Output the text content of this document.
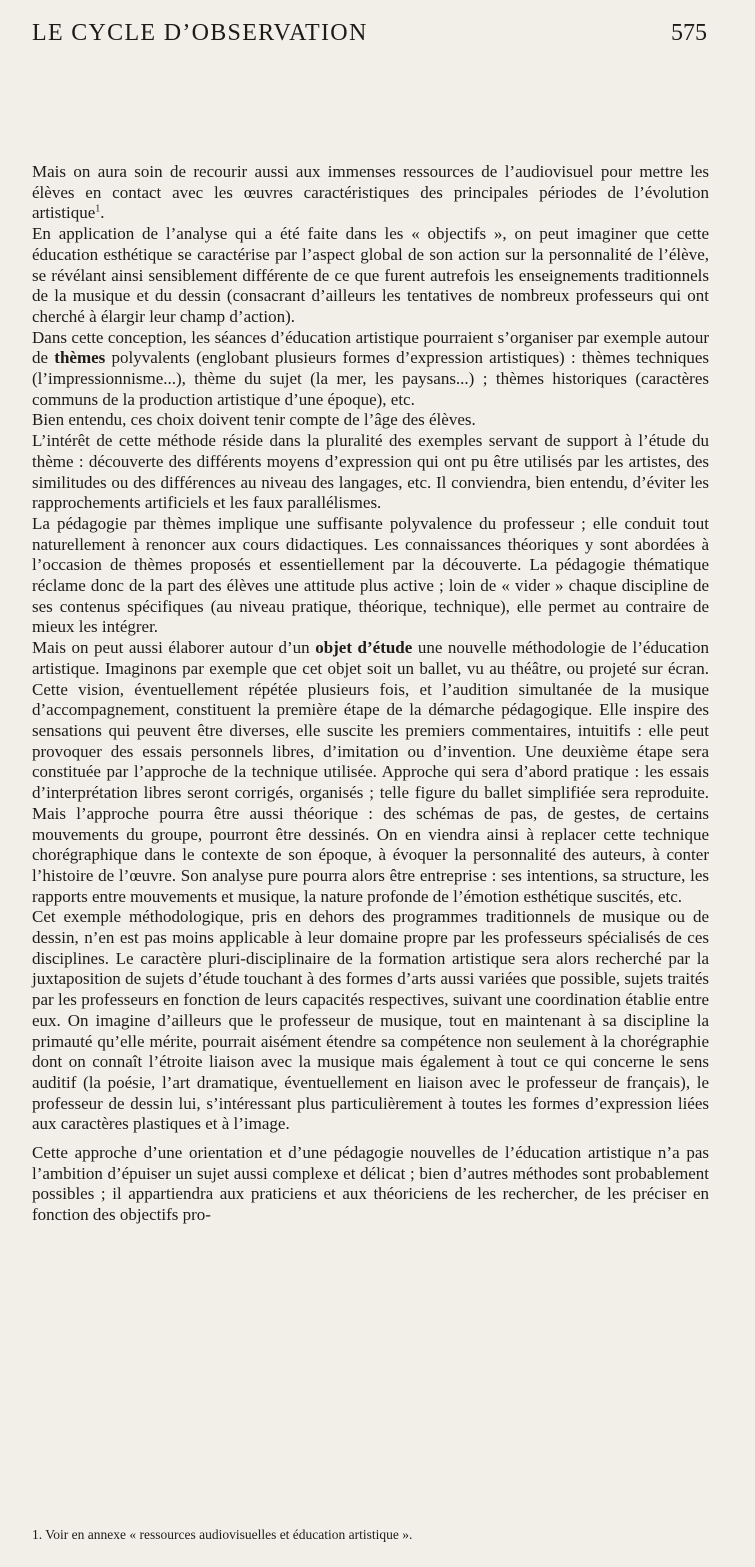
LE CYCLE D’OBSERVATION	575

Mais on aura soin de recourir aussi aux immenses ressources de l’audiovisuel pour mettre les élèves en contact avec les œuvres caractéristiques des principales périodes de l’évolution artistique$^1$.

En application de l’analyse qui a été faite dans les « objectifs », on peut imaginer que cette éducation esthétique se caractérise par l’aspect global de son action sur la personnalité de l’élève, se révélant ainsi sensiblement différente de ce que furent autrefois les enseignements traditionnels de la musique et du dessin (consacrant d’ailleurs les tentatives de nombreux professeurs qui ont cherché à élargir leur champ d’action).

Dans cette conception, les séances d’éducation artistique pourraient s’organiser par exemple autour de thèmes polyvalents (englobant plusieurs formes d’expression artistiques) : thèmes techniques (l’impressionnisme...), thème du sujet (la mer, les paysans...) ; thèmes historiques (caractères communs de la production artistique d’une époque), etc.

Bien entendu, ces choix doivent tenir compte de l’âge des élèves.

L’intérêt de cette méthode réside dans la pluralité des exemples servant de support à l’étude du thème : découverte des différents moyens d’expression qui ont pu être utilisés par les artistes, des similitudes ou des différences au niveau des langages, etc. Il conviendra, bien entendu, d’éviter les rapprochements artificiels et les faux parallélismes.

La pédagogie par thèmes implique une suffisante polyvalence du professeur ; elle conduit tout naturellement à renoncer aux cours didactiques. Les connaissances théoriques y sont abordées à l’occasion de thèmes proposés et essentiellement par la découverte. La pédagogie thématique réclame donc de la part des élèves une attitude plus active ; loin de « vider » chaque discipline de ses contenus spécifiques (au niveau pratique, théorique, technique), elle permet au contraire de mieux les intégrer.

Mais on peut aussi élaborer autour d’un objet d’étude une nouvelle méthodologie de l’éducation artistique. Imaginons par exemple que cet objet soit un ballet, vu au théâtre, ou projeté sur écran. Cette vision, éventuellement répétée plusieurs fois, et l’audition simultanée de la musique d’accompagnement, constituent la première étape de la démarche pédagogique. Elle inspire des sensations qui peuvent être diverses, elle suscite les premiers commentaires, intuitifs : elle peut provoquer des essais personnels libres, d’imitation ou d’invention. Une deuxième étape sera constituée par l’approche de la technique utilisée. Approche qui sera d’abord pratique : les essais d’interprétation libres seront corrigés, organisés ; telle figure du ballet simplifiée sera reproduite. Mais l’approche pourra être aussi théorique : des schémas de pas, de gestes, de certains mouvements du groupe, pourront être dessinés. On en viendra ainsi à replacer cette technique chorégraphique dans le contexte de son époque, à évoquer la personnalité des auteurs, à conter l’histoire de l’œuvre. Son analyse pure pourra alors être entreprise : ses intentions, sa structure, les rapports entre mouvements et musique, la nature profonde de l’émotion esthétique suscités, etc.

Cet exemple méthodologique, pris en dehors des programmes traditionnels de musique ou de dessin, n’en est pas moins applicable à leur domaine propre par les professeurs spécialisés de ces disciplines. Le caractère pluri-disciplinaire de la formation artistique sera alors recherché par la juxtaposition de sujets d’étude touchant à des formes d’arts aussi variées que possible, sujets traités par les professeurs en fonction de leurs capacités respectives, suivant une coordination établie entre eux. On imagine d’ailleurs que le professeur de musique, tout en maintenant à sa discipline la primauté qu’elle mérite, pourrait aisément étendre sa compétence non seulement à la chorégraphie dont on connaît l’étroite liaison avec la musique mais également à tout ce qui concerne le sens auditif (la poésie, l’art dramatique, éventuellement en liaison avec le professeur de français), le professeur de dessin lui, s’intéressant plus particulièrement à toutes les formes d’expression liées aux caractères plastiques et à l’image.

Cette approche d’une orientation et d’une pédagogie nouvelles de l’éducation artistique n’a pas l’ambition d’épuiser un sujet aussi complexe et délicat ; bien d’autres méthodes sont probablement possibles ; il appartiendra aux praticiens et aux théoriciens de les rechercher, de les préciser en fonction des objectifs pro-

1. Voir en annexe « ressources audiovisuelles et éducation artistique ».
